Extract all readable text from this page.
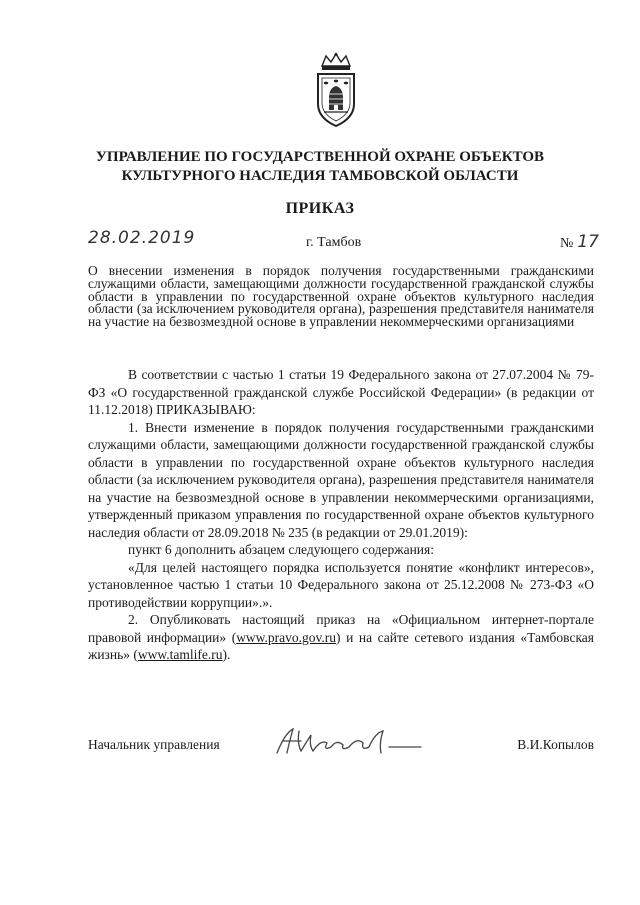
УПРАВЛЕНИЕ ПО ГОСУДАРСТВЕННОЙ ОХРАНЕ ОБЪЕКТОВ
КУЛЬТУРНОГО НАСЛЕДИЯ ТАМБОВСКОЙ ОБЛАСТИ
ПРИКАЗ
28.02.2019	г. Тамбов	№ 17
О внесении изменения в порядок получения государственными гражданскими служащими области, замещающими должности государственной гражданской службы области в управлении по государственной охране объектов культурного наследия области (за исключением руководителя органа), разрешения представителя нанимателя на участие на безвозмездной основе в управлении некоммерческими организациями

В соответствии с частью 1 статьи 19 Федерального закона от 27.07.2004 № 79-ФЗ «О государственной гражданской службе Российской Федерации» (в редакции от 11.12.2018) ПРИКАЗЫВАЮ:

1. Внести изменение в порядок получения государственными гражданскими служащими области, замещающими должности государственной гражданской службы области в управлении по государственной охране объектов культурного наследия области (за исключением руководителя органа), разрешения представителя нанимателя на участие на безвозмездной основе в управлении некоммерческими организациями, утвержденный приказом управления по государственной охране объектов культурного наследия области от 28.09.2018 № 235 (в редакции от 29.01.2019):

пункт 6 дополнить абзацем следующего содержания:

«Для целей настоящего порядка используется понятие «конфликт интересов», установленное частью 1 статьи 10 Федерального закона от 25.12.2008 № 273-ФЗ «О противодействии коррупции».».

2. Опубликовать настоящий приказ на «Официальном интернет-портале правовой информации» (www.pravo.gov.ru) и на сайте сетевого издания «Тамбовская жизнь» (www.tamlife.ru).

Начальник управления	В.И.Копылов
